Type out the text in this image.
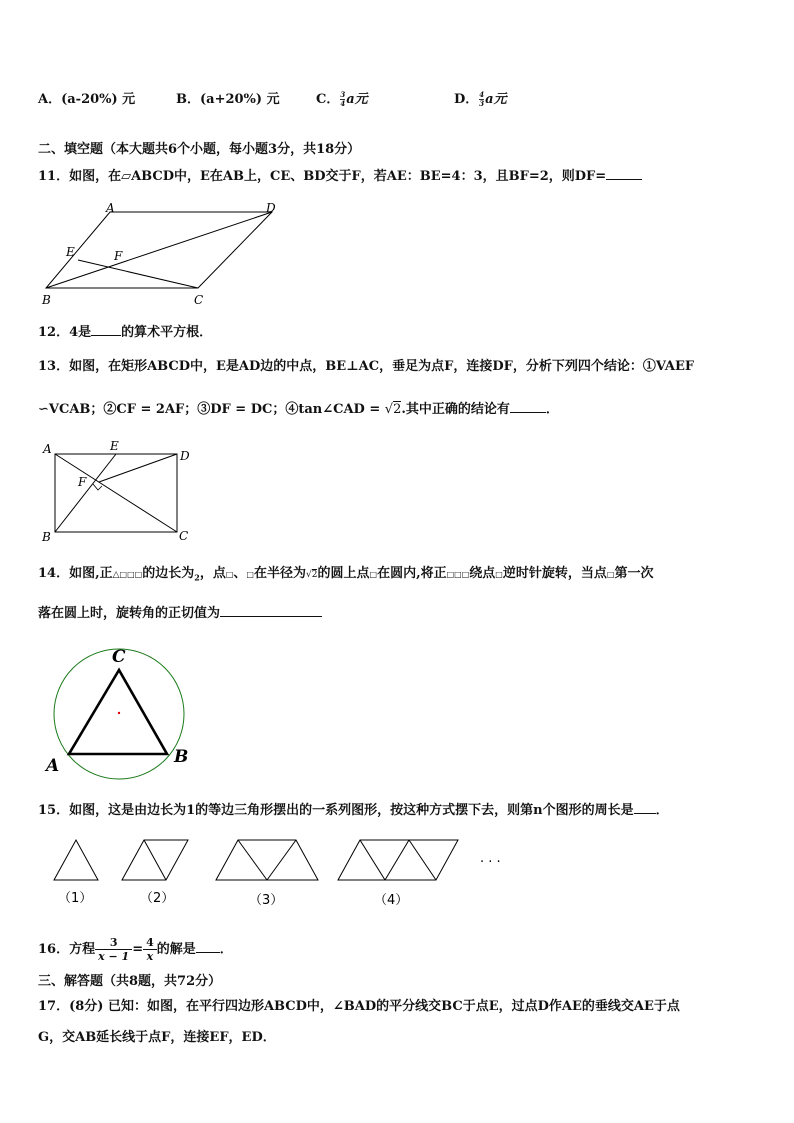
A．(a-20%) 元	B．(a+20%) 元	C． $\frac{3}{4}$ a元	D． $\frac{4}{3}$ a元
二、填空题（本大题共6个小题，每小题3分，共18分）
11．如图，在▱ABCD中，E在AB上，CE、BD交于F，若AE：BE=4：3，且BF=2，则DF=
A	D
E	F
B	C
12．4是 的算术平方根．
13．如图，在矩形ABCD中，E是AD边的中点，BE⊥AC，垂足为点F，连接DF，分析下列四个结论：①VAEF
∽VCAB；②CF = 2AF；③DF = DC；④tan∠CAD = √2.其中正确的结论有	．
A	E
D
F
B	C
14．如图,正△□□□的边长为$_2$，点□、□在半径为√2的圆上点□在圆内,将正□□□绕点□逆时针旋转，当点□第一次
落在圆上时，旋转角的正切值为
C
A	B
15．如图，这是由边长为1的等边三角形摆出的一系列图形，按这种方式摆下去，则第n个图形的周长是 ．
· · ·
（1）	（2）	（3）	（4）
16．方程 $\frac{3}{x - 1} = \frac{4}{x}$ 的解是 ．
三、解答题（共8题，共72分）
17．(8分) 已知：如图，在平行四边形ABCD中，∠BAD的平分线交BC于点E，过点D作AE的垂线交AE于点
G，交AB延长线于点F，连接EF，ED．
